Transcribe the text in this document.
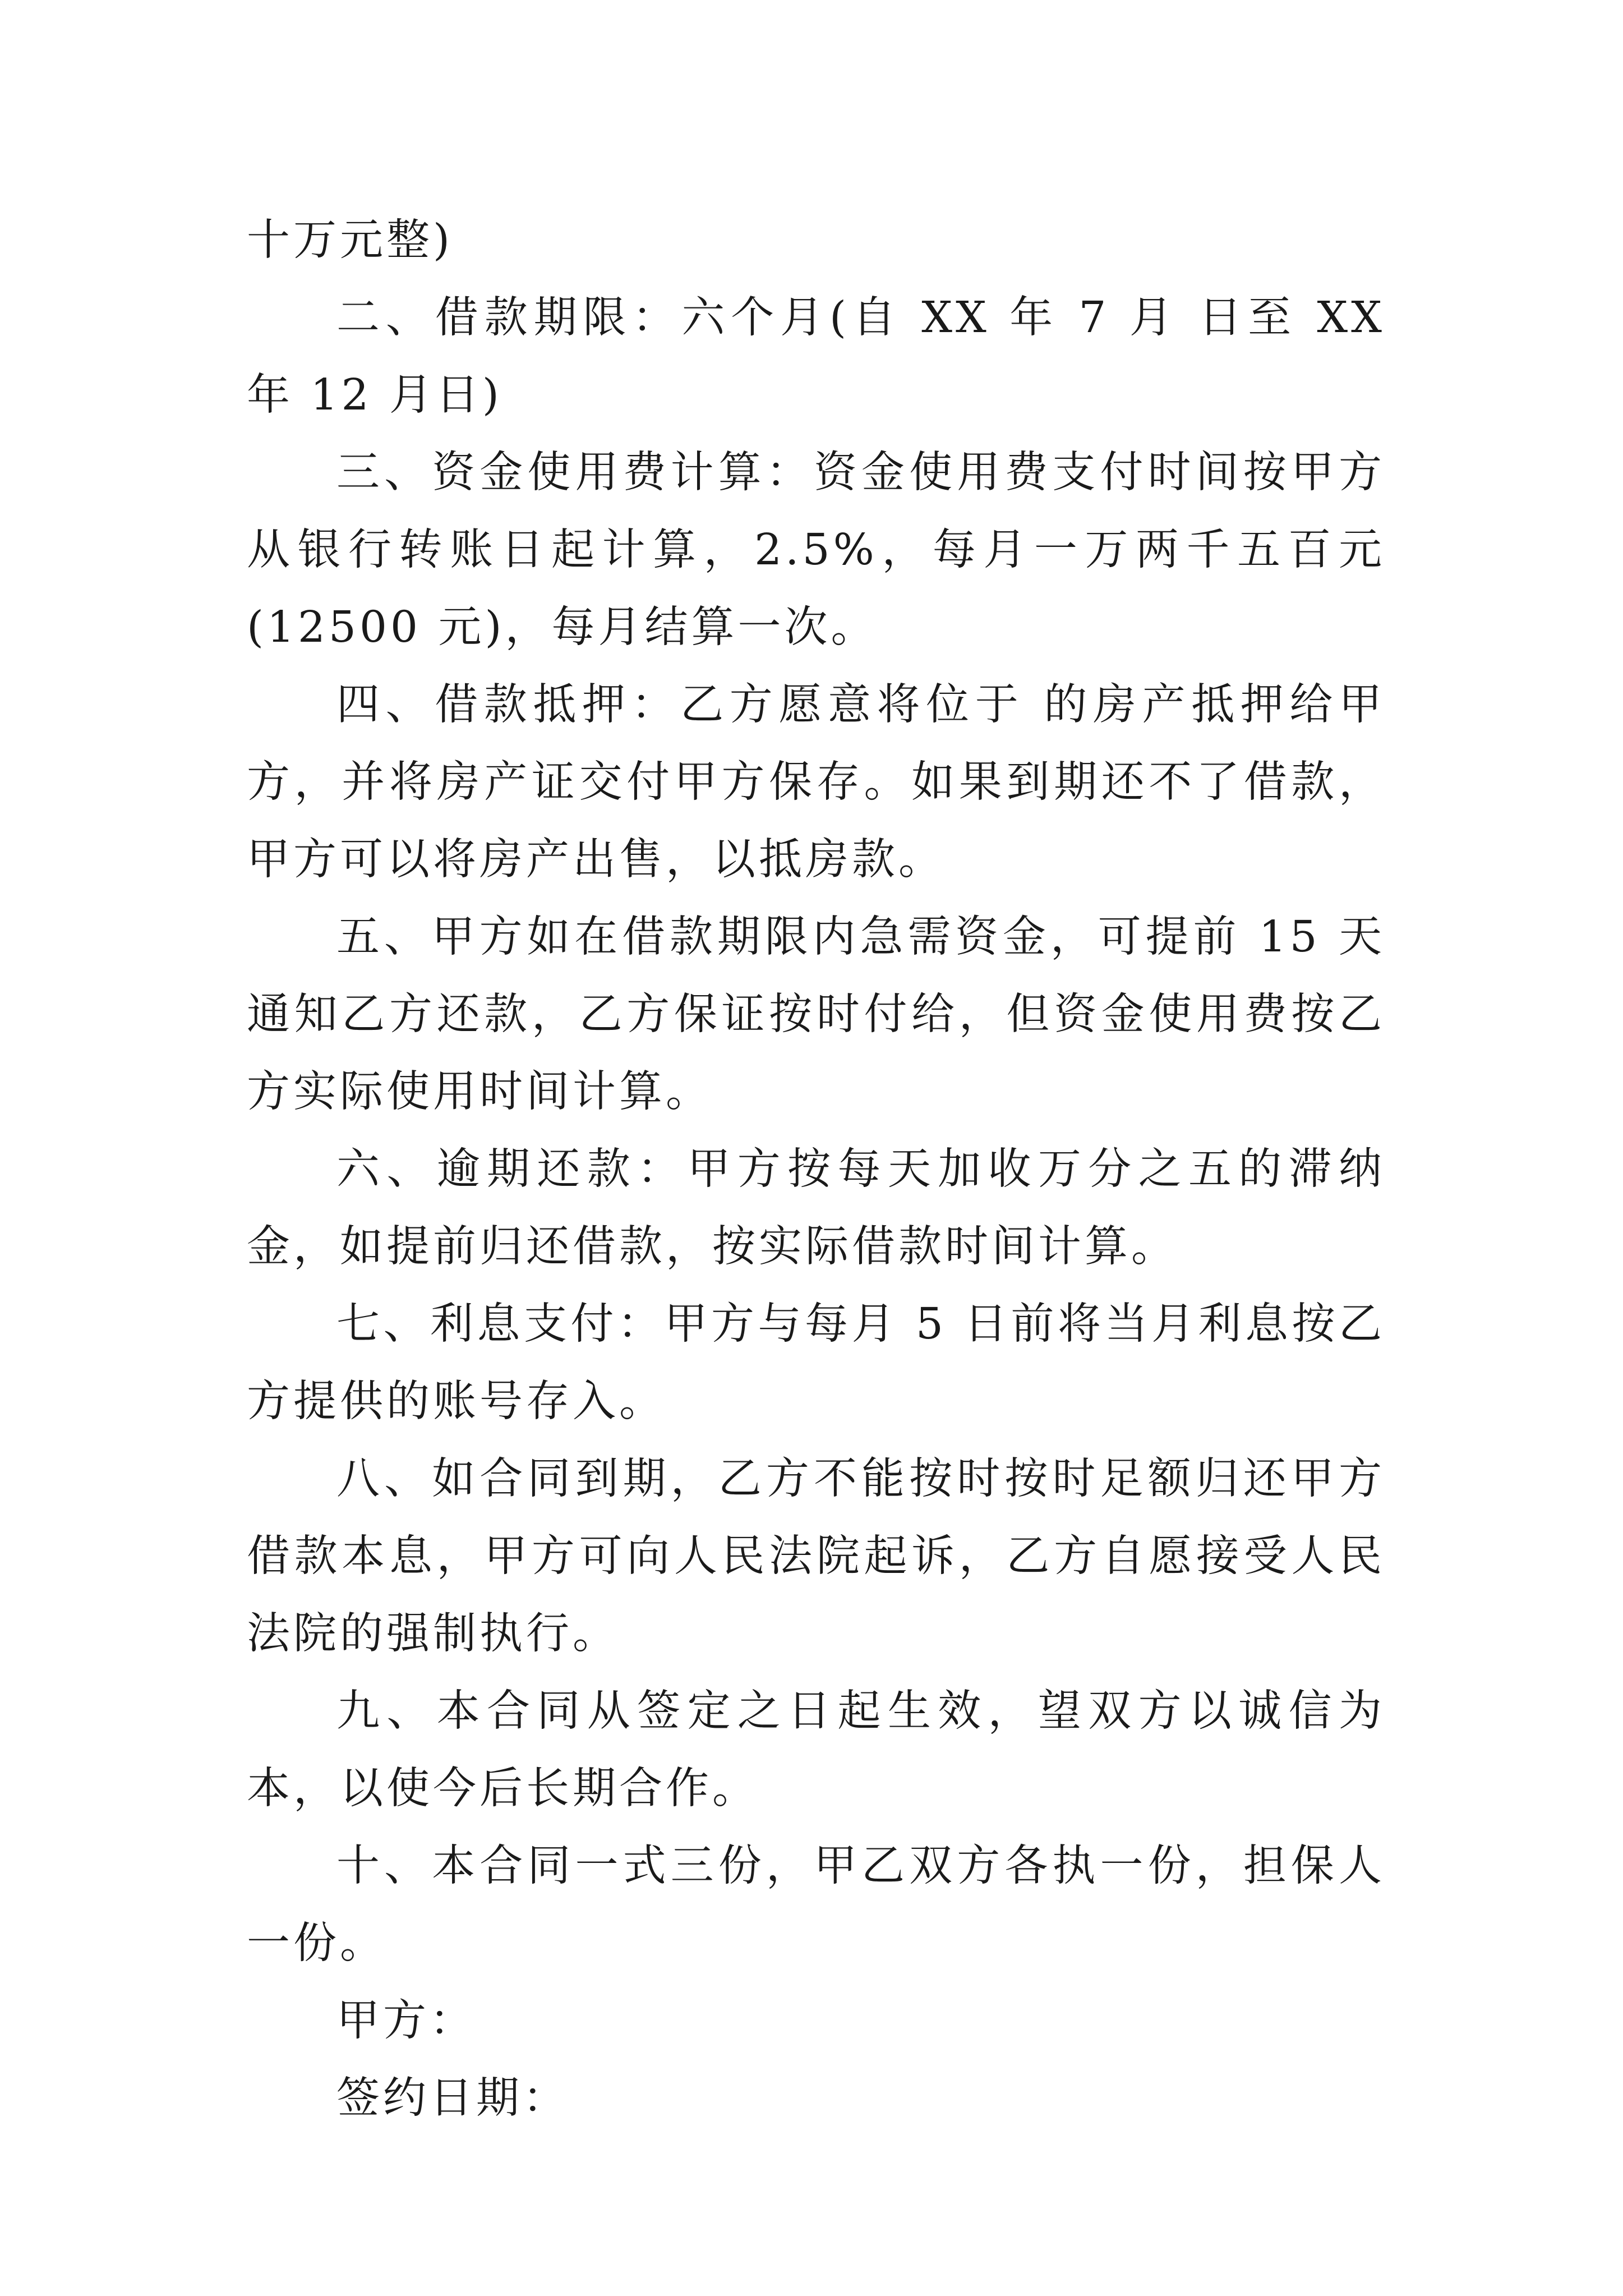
十万元整)

二、借款期限：六个月(自 XX 年 7 月 日至 XX 年 12 月日)

三、资金使用费计算：资金使用费支付时间按甲方从银行转账日起计算，2.5%，每月一万两千五百元(12500 元)，每月结算一次。

四、借款抵押：乙方愿意将位于 的房产抵押给甲方，并将房产证交付甲方保存。如果到期还不了借款，甲方可以将房产出售，以抵房款。

五、甲方如在借款期限内急需资金，可提前 15 天通知乙方还款，乙方保证按时付给，但资金使用费按乙方实际使用时间计算。

六、逾期还款：甲方按每天加收万分之五的滞纳金，如提前归还借款，按实际借款时间计算。

七、利息支付：甲方与每月 5 日前将当月利息按乙方提供的账号存入。

八、如合同到期，乙方不能按时按时足额归还甲方借款本息，甲方可向人民法院起诉，乙方自愿接受人民法院的强制执行。

九、本合同从签定之日起生效，望双方以诚信为本，以使今后长期合作。

十、本合同一式三份，甲乙双方各执一份，担保人一份。

甲方：

签约日期：
